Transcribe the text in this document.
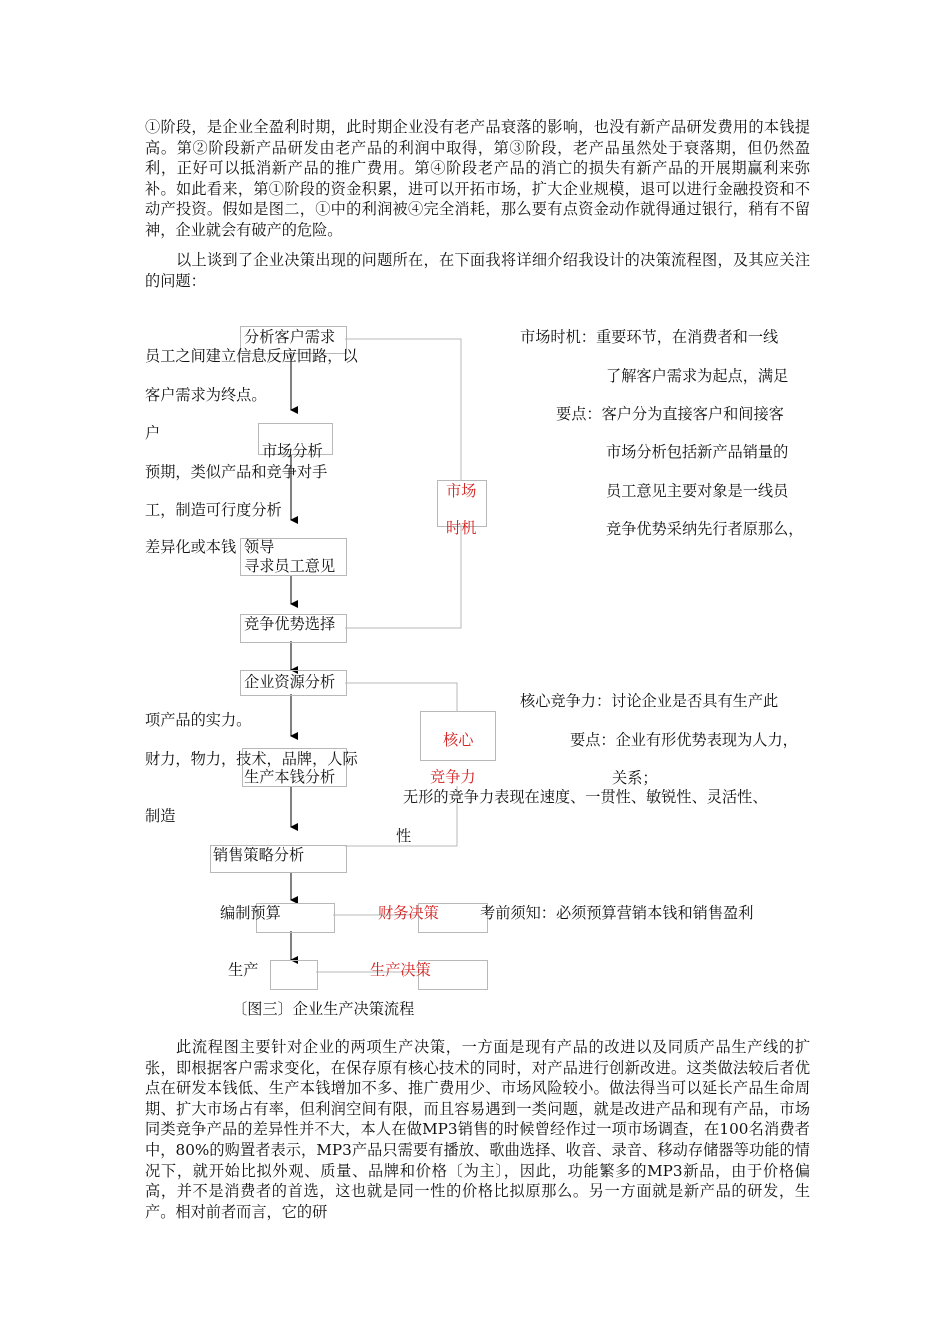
①阶段，是企业全盈利时期，此时期企业没有老产品衰落的影响，也没有新产品研发费用的本钱提高。第②阶段新产品研发由老产品的利润中取得，第③阶段，老产品虽然处于衰落期，但仍然盈利，正好可以抵消新产品的推广费用。第④阶段老产品的消亡的损失有新产品的开展期赢利来弥补。如此看来，第①阶段的资金积累，进可以开拓市场，扩大企业规模，退可以进行金融投资和不动产投资。假如是图二，①中的利润被④完全消耗，那么要有点资金动作就得通过银行，稍有不留神，企业就会有破产的危险。
以上谈到了企业决策出现的问题所在，在下面我将详细介绍我设计的决策流程图，及其应关注的问题：
分析客户需求
市场分析
领导
寻求员工意见
竞争优势选择
企业资源分析
生产本钱分析
销售策略分析
编制预算
生产
市场
时机
核心
竞争力
财务决策
生产决策
市场时机：重要环节，在消费者和一线
员工之间建立信息反应回路，以
了解客户需求为起点，满足
客户需求为终点。
要点：客户分为直接客户和间接客
户
市场分析包括新产品销量的
预期，类似产品和竞争对手
员工意见主要对象是一线员
工，制造可行度分析
竞争优势采纳先行者原那么，
差异化或本钱
核心竞争力：讨论企业是否具有生产此
项产品的实力。
要点：企业有形优势表现为人力，
财力，物力，技术，品牌，人际
关系；
无形的竞争力表现在速度、一贯性、敏锐性、灵活性、
制造
性
考前须知：必须预算营销本钱和销售盈利
〔图三〕企业生产决策流程
此流程图主要针对企业的两项生产决策，一方面是现有产品的改进以及同质产品生产线的扩张，即根据客户需求变化，在保存原有核心技术的同时，对产品进行创新改进。这类做法较后者优点在研发本钱低、生产本钱增加不多、推广费用少、市场风险较小。做法得当可以延长产品生命周期、扩大市场占有率，但利润空间有限，而且容易遇到一类问题，就是改进产品和现有产品，市场同类竞争产品的差异性并不大，本人在做MP3销售的时候曾经作过一项市场调查，在100名消费者中，80%的购置者表示，MP3产品只需要有播放、歌曲选择、收音、录音、移动存储器等功能的情况下，就开始比拟外观、质量、品牌和价格〔为主〕，因此，功能繁多的MP3新品，由于价格偏高，并不是消费者的首选，这也就是同一性的价格比拟原那么。另一方面就是新产品的研发，生产。相对前者而言，它的研
